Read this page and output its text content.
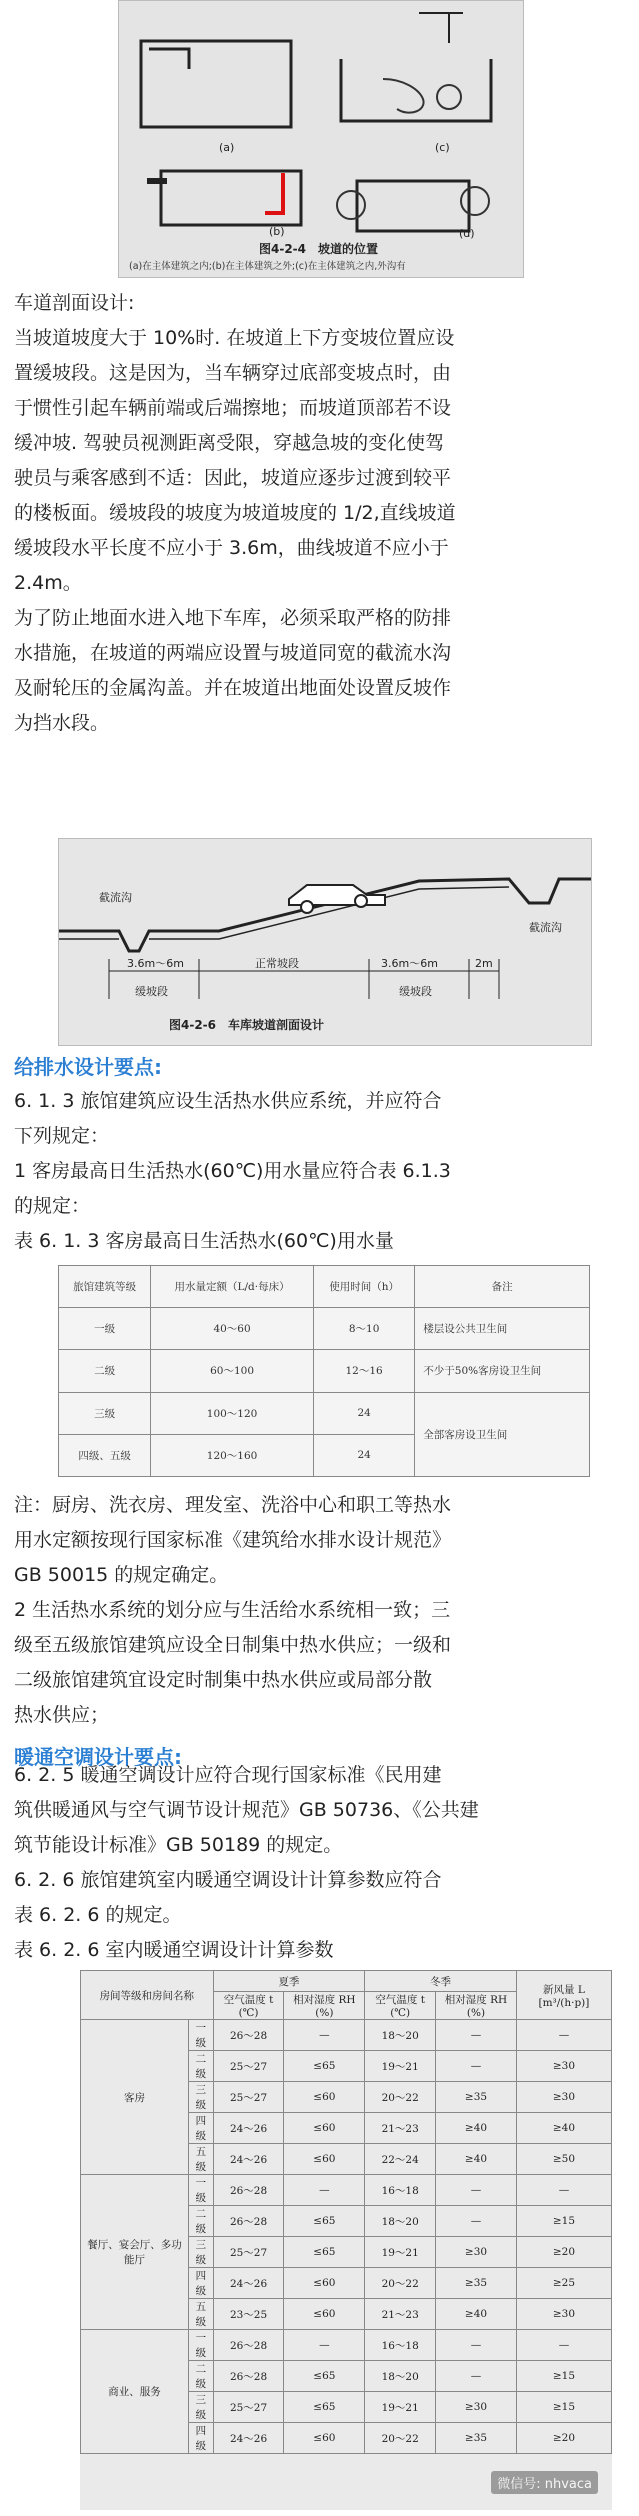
(a)
(b)
(c)
(d)
图4-2-4　坡道的位置
(a)在主体建筑之内;(b)在主体建筑之外;(c)在主体建筑之内,外沟有
车道剖面设计:
当坡道坡度大于 10%时. 在坡道上下方变坡位置应设
置缓坡段。这是因为，当车辆穿过底部变坡点时，由
于惯性引起车辆前端或后端擦地；而坡道顶部若不设
缓冲坡. 驾驶员视测距离受限，穿越急坡的变化使驾
驶员与乘客感到不适：因此，坡道应逐步过渡到较平
的楼板面。缓坡段的坡度为坡道坡度的 1/2,直线坡道
缓坡段水平长度不应小于 3.6m，曲线坡道不应小于
2.4m。
为了防止地面水进入地下车库，必须采取严格的防排
水措施，在坡道的两端应设置与坡道同宽的截流水沟
及耐轮压的金属沟盖。并在坡道出地面处设置反坡作
为挡水段。
截流沟
截流沟
3.6m～6m	正常坡段	3.6m～6m	2m
缓坡段	缓坡段
图4-2-6　车库坡道剖面设计
给排水设计要点:
6. 1. 3 旅馆建筑应设生活热水供应系统，并应符合
下列规定：
1 客房最高日生活热水(60℃)用水量应符合表 6.1.3
的规定：
表 6. 1. 3 客房最高日生活热水(60℃)用水量
旅馆建筑等级	用水量定额（L/d·每床）	使用时间（h）	备注
一级	40～60	8～10	楼层设公共卫生间
二级	60～100	12～16	不少于50%客房设卫生间
三级	100～120	24	全部客房设卫生间
四级、五级	120～160	24	
注：厨房、洗衣房、理发室、洗浴中心和职工等热水
用水定额按现行国家标准《建筑给水排水设计规范》
GB 50015 的规定确定。
2 生活热水系统的划分应与生活给水系统相一致；三
级至五级旅馆建筑应设全日制集中热水供应；一级和
二级旅馆建筑宜设定时制集中热水供应或局部分散
热水供应；
暖通空调设计要点:
6. 2. 5 暖通空调设计应符合现行国家标准《民用建
筑供暖通风与空气调节设计规范》GB 50736、《公共建
筑节能设计标准》GB 50189 的规定。
6. 2. 6 旅馆建筑室内暖通空调设计计算参数应符合
表 6. 2. 6 的规定。
表 6. 2. 6 室内暖通空调设计计算参数
房间等级和房间名称		夏季		冬季		新风量 L [m³/(h·p)]
		空气温度 t (℃)	相对湿度 RH (%)	空气温度 t (℃)	相对湿度 RH (%)	
客房	一级	26～28	—	18～20	—	—
	二级	25～27	≤65	19～21	—	≥30
	三级	25～27	≤60	20～22	≥35	≥30
	四级	24～26	≤60	21～23	≥40	≥40
	五级	24～26	≤60	22～24	≥40	≥50
餐厅、宴会厅、多功能厅	一级	26～28	—	16～18	—	—
	二级	26～28	≤65	18～20	—	≥15
	三级	25～27	≤65	19～21	≥30	≥20
	四级	24～26	≤60	20～22	≥35	≥25
	五级	23～25	≤60	21～23	≥40	≥30
商业、服务	一级	26～28	—	16～18	—	—
	二级	26～28	≤65	18～20	—	≥15
	三级	25～27	≤65	19～21	≥30	≥15
	四级	24～26	≤60	20～22	≥35	≥20
微信号: nhvaca
